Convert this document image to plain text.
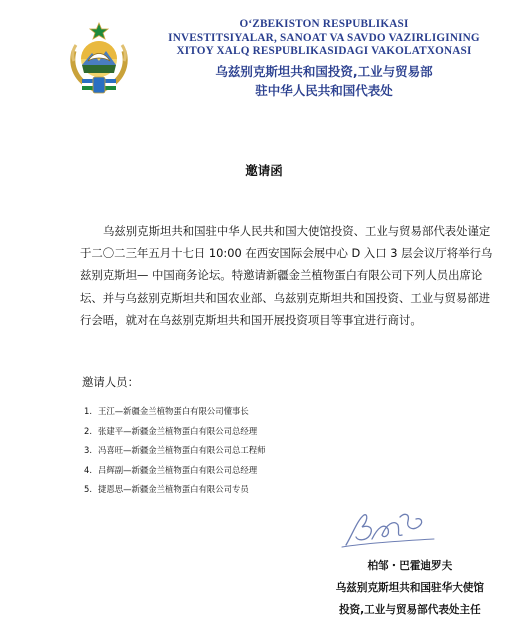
O‘ZBEKISTON RESPUBLIKASI
INVESTITSIYALAR, SANOAT VA SAVDO VAZIRLIGINING
XITOY XALQ RESPUBLIKASIDAGI VAKOLATXONASI
乌兹别克斯坦共和国投资,工业与贸易部
驻中华人民共和国代表处
邀请函
乌兹别克斯坦共和国驻中华人民共和国大使馆投资、工业与贸易部代表处谨定于二〇二三年五月十七日 10:00 在西安国际会展中心 D 入口 3 层会议厅将举行乌兹别克斯坦— 中国商务论坛。特邀请新疆金兰植物蛋白有限公司下列人员出席论坛、并与乌兹别克斯坦共和国农业部、乌兹别克斯坦共和国投资、工业与贸易部进行会晤，就对在乌兹别克斯坦共和国开展投资项目等事宜进行商讨。
邀请人员：
1. 王江—新疆金兰植物蛋白有限公司懂事长
2. 张建平—新疆金兰植物蛋白有限公司总经理
3. 冯喜旺—新疆金兰植物蛋白有限公司总工程师
4. 吕辉副—新疆金兰植物蛋白有限公司总经理
5. 捷恩思—新疆金兰植物蛋白有限公司专员
柏邹・巴霍迪罗夫
乌兹别克斯坦共和国驻华大使馆
投资,工业与贸易部代表处主任
